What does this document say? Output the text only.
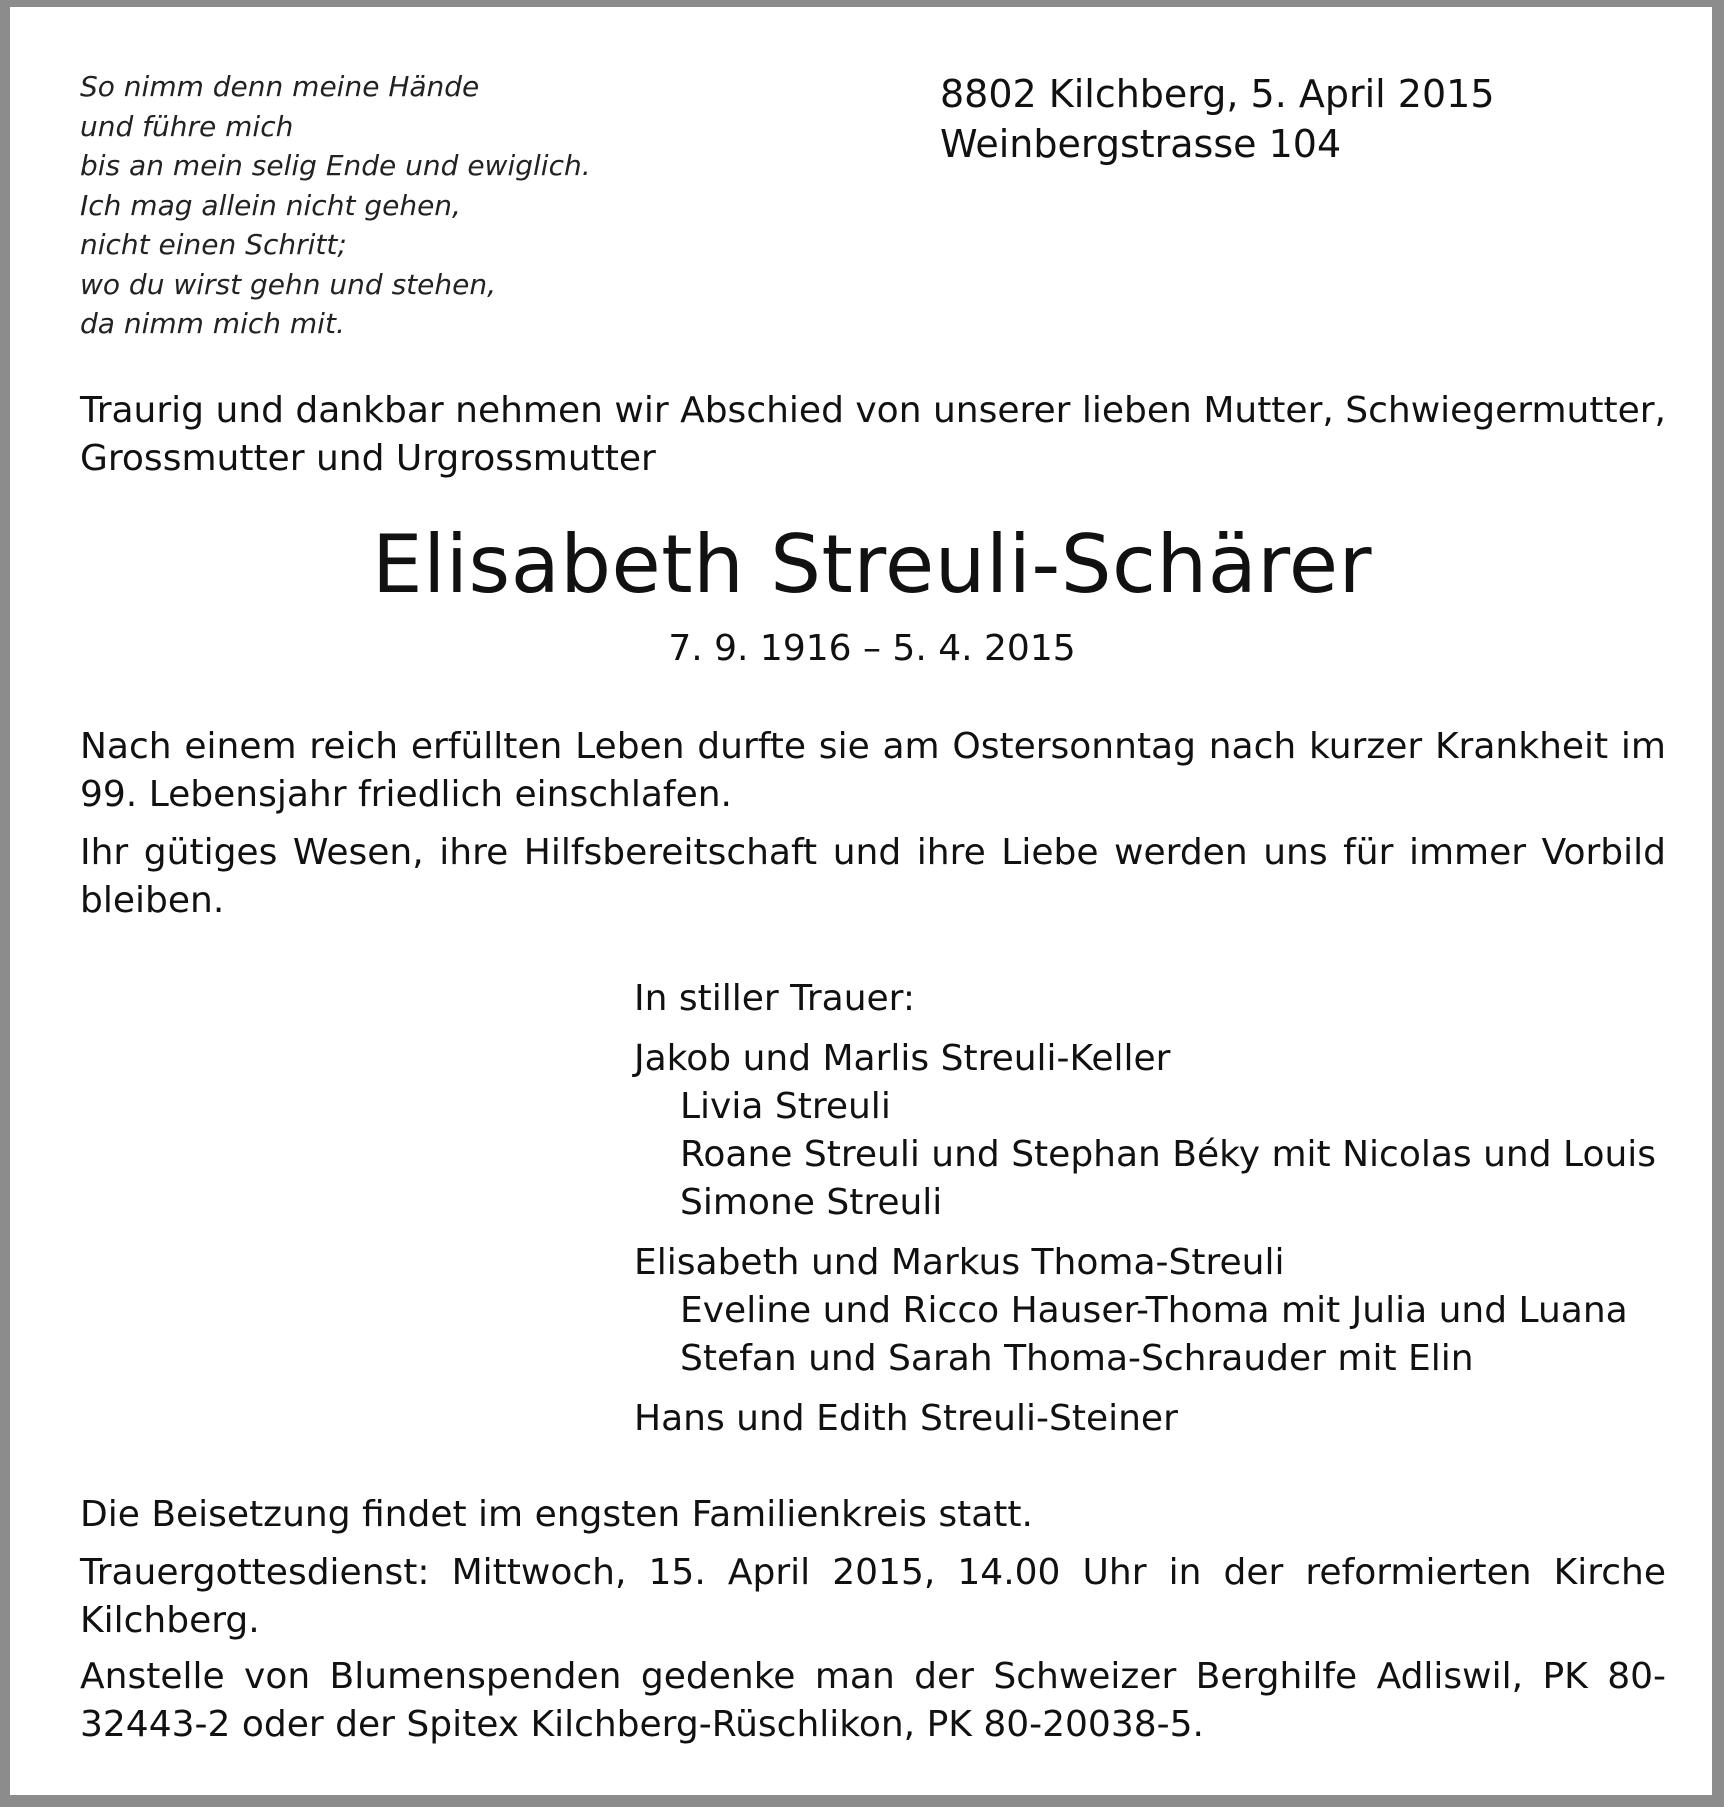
So nimm denn meine Hände
und führe mich
bis an mein selig Ende und ewiglich.
Ich mag allein nicht gehen,
nicht einen Schritt;
wo du wirst gehn und stehen,
da nimm mich mit.
8802 Kilchberg, 5. April 2015
Weinbergstrasse 104
Traurig und dankbar nehmen wir Abschied von unserer lieben Mutter, Schwiegermutter,
Grossmutter und Urgrossmutter
Elisabeth Streuli-Schärer
7. 9. 1916 – 5. 4. 2015
Nach einem reich erfüllten Leben durfte sie am Ostersonntag nach kurzer Krankheit im 99. Lebensjahr friedlich einschlafen.
Ihr gütiges Wesen, ihre Hilfsbereitschaft und ihre Liebe werden uns für immer Vorbild bleiben.
In stiller Trauer:
Jakob und Marlis Streuli-Keller
Livia Streuli
Roane Streuli und Stephan Béky mit Nicolas und Louis
Simone Streuli
Elisabeth und Markus Thoma-Streuli
Eveline und Ricco Hauser-Thoma mit Julia und Luana
Stefan und Sarah Thoma-Schrauder mit Elin
Hans und Edith Streuli-Steiner
Die Beisetzung findet im engsten Familienkreis statt.
Trauergottesdienst: Mittwoch, 15. April 2015, 14.00 Uhr in der reformierten Kirche Kilchberg.
Anstelle von Blumenspenden gedenke man der Schweizer Berghilfe Adliswil, PK 80-32443-2 oder der Spitex Kilchberg-Rüschlikon, PK 80-20038-5.
